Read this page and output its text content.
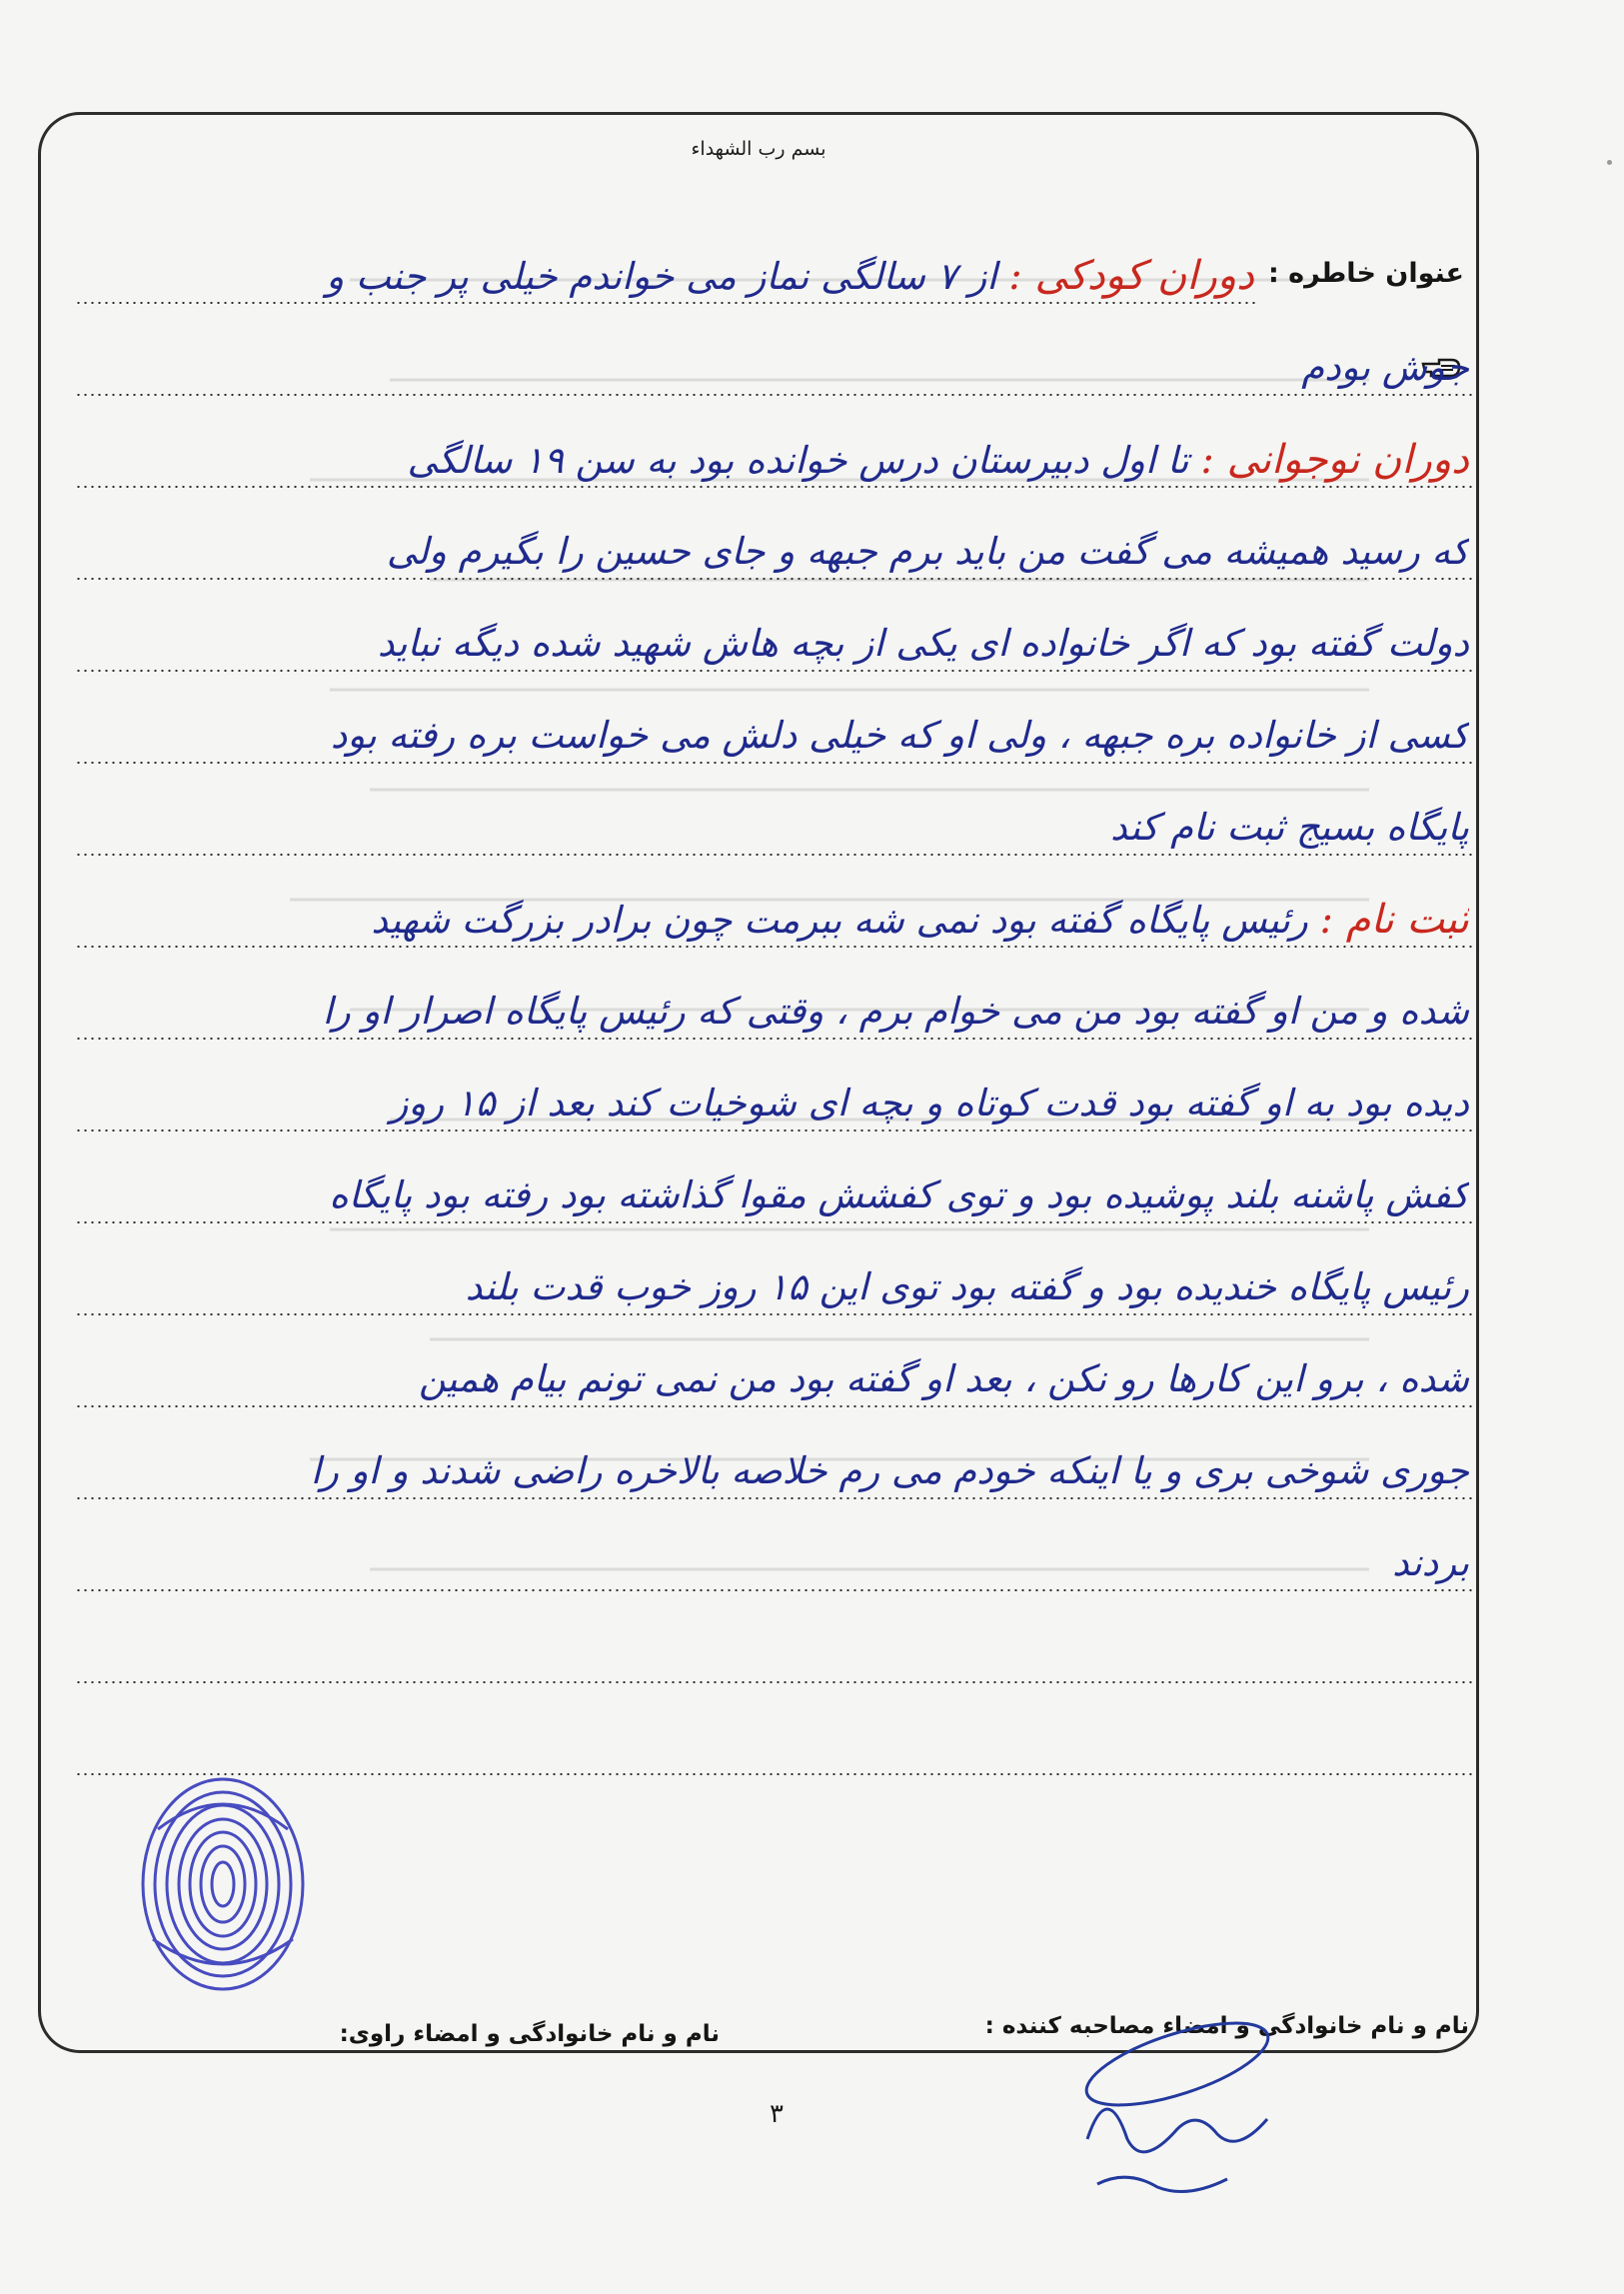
بسم رب الشهداء
عنوان خاطره :
دوران کودکی : از ۷ سالگی نماز می خواندم خیلی پر جنب و
جوش بودم
دوران نوجوانی : تا اول دبیرستان درس خوانده بود به سن ۱۹ سالگی
که رسید همیشه می گفت من باید برم جبهه و جای حسین را بگیرم ولی
دولت گفته بود که اگر خانواده ای یکی از بچه هاش شهید شده دیگه نباید
کسی از خانواده بره جبهه ، ولی او که خیلی دلش می خواست بره رفته بود
پایگاه بسیج ثبت نام کند
ثبت نام : رئیس پایگاه گفته بود نمی شه ببرمت چون برادر بزرگت شهید
شده و من او گفته بود من می خوام برم ، وقتی که رئیس پایگاه اصرار او را
دیده بود به او گفته بود قدت کوتاه و بچه ای شوخیات کند بعد از ۱۵ روز
کفش پاشنه بلند پوشیده بود و توی کفشش مقوا گذاشته بود رفته بود پایگاه
رئیس پایگاه خندیده بود و گفته بود توی این ۱۵ روز خوب قدت بلند
شده ، برو این کارها رو نکن ، بعد او گفته بود من نمی تونم بیام همین
جوری شوخی بری و یا اینکه خودم می رم خلاصه بالاخره راضی شدند و او را
بردند
نام و نام خانوادگی و امضاء مصاحبه کننده :
نام و نام خانوادگی و امضاء راوی:
۳
